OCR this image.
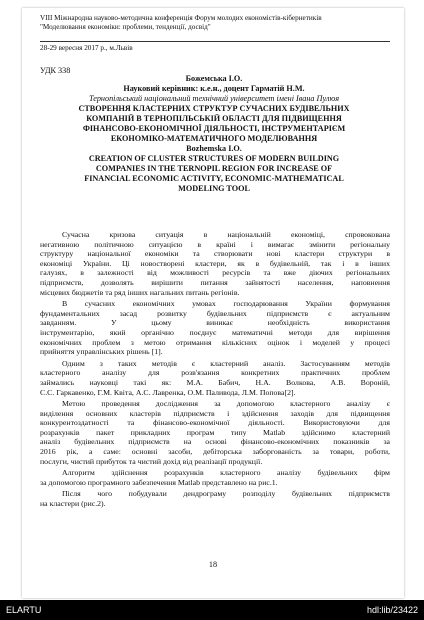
VIII Міжнародна науково-методична конференція Форум молодих економістів-кібернетиків
"Моделювання економіки: проблеми, тенденції, досвід"
28-29 вересня 2017 р., м.Львів
УДК 338
Божемська І.О.
Науковий керівник: к.е.н., доцент Гарматій Н.М.
Тернопільський національний технічний університет імені Івана Пулюя
СТВОРЕННЯ КЛАСТЕРНИХ СТРУКТУР СУЧАСНИХ БУДІВЕЛЬНИХ
КОМПАНІЙ В ТЕРНОПІЛЬСЬКІЙ ОБЛАСТІ ДЛЯ ПІДВИЩЕННЯ
ФІНАНСОВО-ЕКОНОМІЧНОЇ ДІЯЛЬНОСТІ, ІНСТРУМЕНТАРІЄМ
ЕКОНОМІКО-МАТЕМАТИЧНОГО МОДЕЛЮВАННЯ
Bozhemska I.O.
CREATION OF CLUSTER STRUCTURES OF MODERN BUILDING
COMPANIES IN THE TERNOPIL REGION FOR INCREASE OF
FINANCIAL ECONOMIC ACTIVITY, ECONOMIC-MATHEMATICAL
MODELING TOOL
Сучасна кризова ситуація в національній економіці, спровокована
негативною політичною ситуацією в країні і вимагає змінити регіональну
структуру національної економіки та створювати нові кластери структури в
економіці України. Ці новостворені кластери, як в будівельній, так і в інших
галузях, в залежності від можливості ресурсів та вже діючих регіональних
підприємств, дозволять вирішити питання зайнятості населення, наповнення
місцевих бюджетів та ряд інших нагальних питань регіонів.
В сучасних економічних умовах господарювання України формування
фундаментальних засад розвитку будівельних підприємств є актуальним
завданням. У цьому виникає необхідність використання
інструментарію, який органічно поєднує математичні методи для вирішення
економічних проблем з метою отримання кількісних оцінок і моделей у процесі
прийняття управлінських рішень [1].
Одним з таких методів є кластерний аналіз. Застосуванням методів
кластерного аналізу для розв'язання конкретних практичних проблем
займались науковці такі як: М.А. Бабич, Н.А. Волкова, А.В. Вороній,
С.С. Гаркавенко, Г.М. Квіта, А.С. Лавренка, О.М. Паливода, Л.М. Попова[2].
Метою проведення дослідження за допомогою кластерного аналізу є
виділення основних кластерів підприємств і здійснення заходів для підвищення
конкурентоздатності та фінансово-економічної діяльності. Використовуючи для
розрахунків пакет прикладних програм типу Matlab здійснимо кластерний
аналіз будівельних підприємств на основі фінансово-економічних показників за
2016 рік, а саме: основні засоби, дебіторська заборгованість за товари, роботи,
послуги, чистий прибуток та чистий дохід від реалізації продукції.
Алгоритм здійснення розрахунків кластерного аналізу будівельних фірм
за допомогою програмного забезпечення Matlab представлено на рис.1.
Після чого побудували дендрограму розподілу будівельних підприємств
на кластери (рис.2).
18
ELARTU	hdl:lib/23422
